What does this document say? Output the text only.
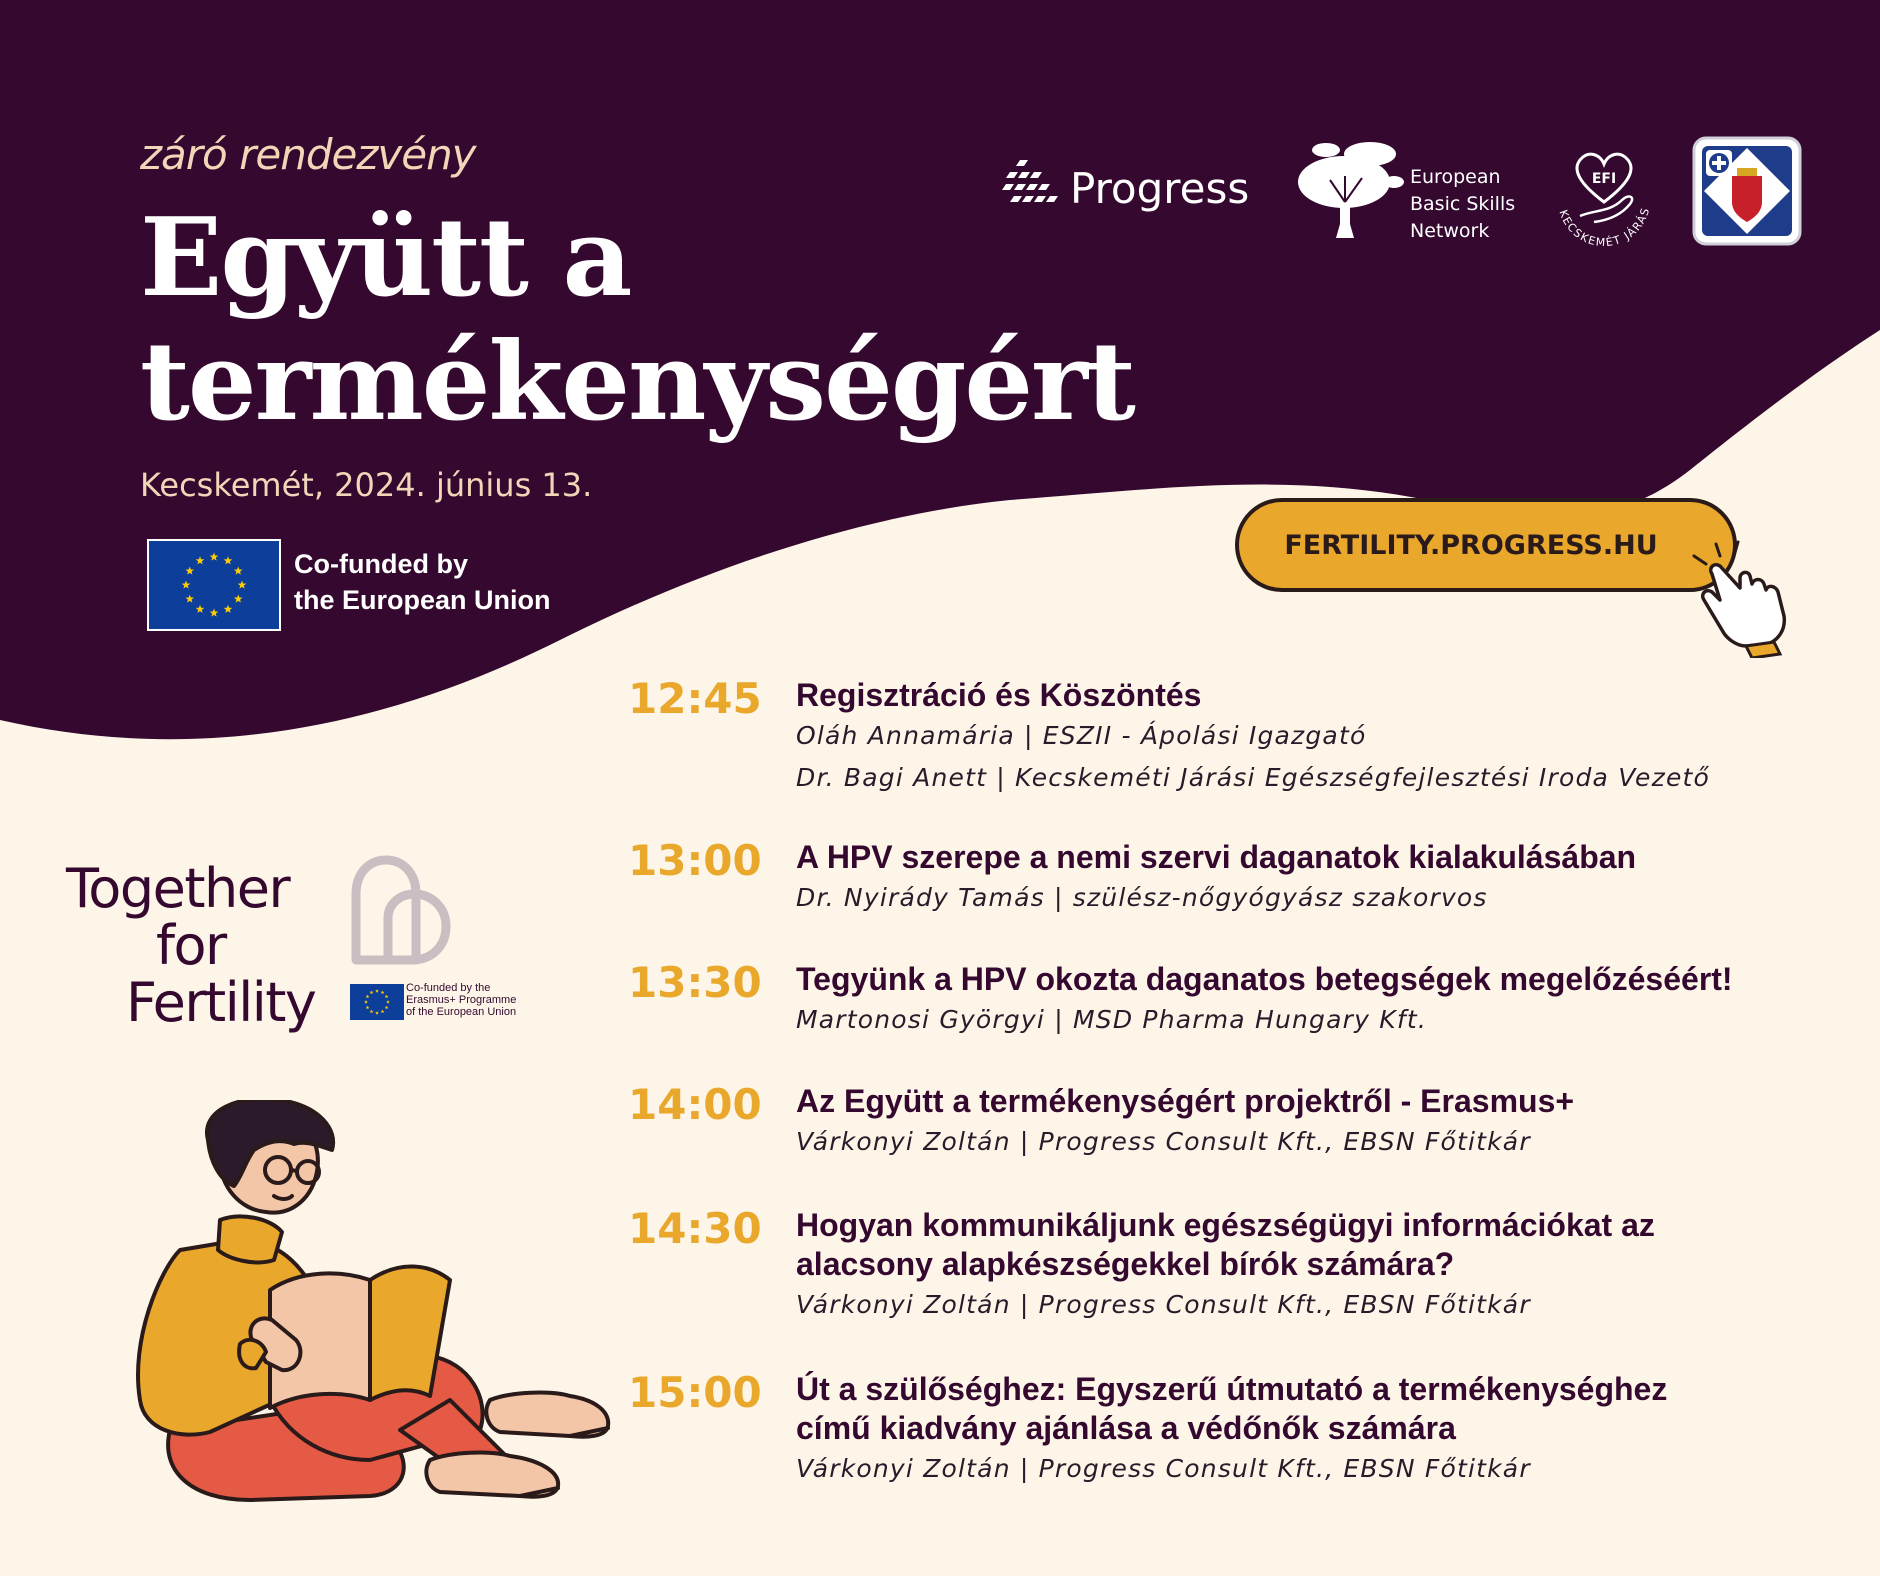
záró rendezvény
Együtt a
termékenységért
Kecskemét, 2024. június 13.
Co-funded by
the European Union
Progress	European
Basic Skills
Network
EFI
KECSKEMÉT JÁRÁS
FERTILITY.PROGRESS.HU
12:45 Regisztráció és Köszöntés
Oláh Annamária | ESZII - Ápolási Igazgató
Dr. Bagi Anett | Kecskeméti Járási Egészségfejlesztési Iroda Vezető
13:00 A HPV szerepe a nemi szervi daganatok kialakulásában
Dr. Nyirády Tamás | szülész-nőgyógyász szakorvos
13:30 Tegyünk a HPV okozta daganatos betegségek megelőzéséért!
Martonosi Györgyi | MSD Pharma Hungary Kft.
14:00 Az Együtt a termékenységért projektről - Erasmus+
Várkonyi Zoltán | Progress Consult Kft., EBSN Főtitkár
14:30 Hogyan kommunikáljunk egészségügyi információkat az
alacsony alapkészségekkel bírók számára?
Várkonyi Zoltán | Progress Consult Kft., EBSN Főtitkár
15:00 Út a szülőséghez: Egyszerű útmutató a termékenységhez
című kiadvány ajánlása a védőnők számára
Várkonyi Zoltán | Progress Consult Kft., EBSN Főtitkár
Together
for
Fertility	Co-funded by the
Erasmus+ Programme
of the European Union
